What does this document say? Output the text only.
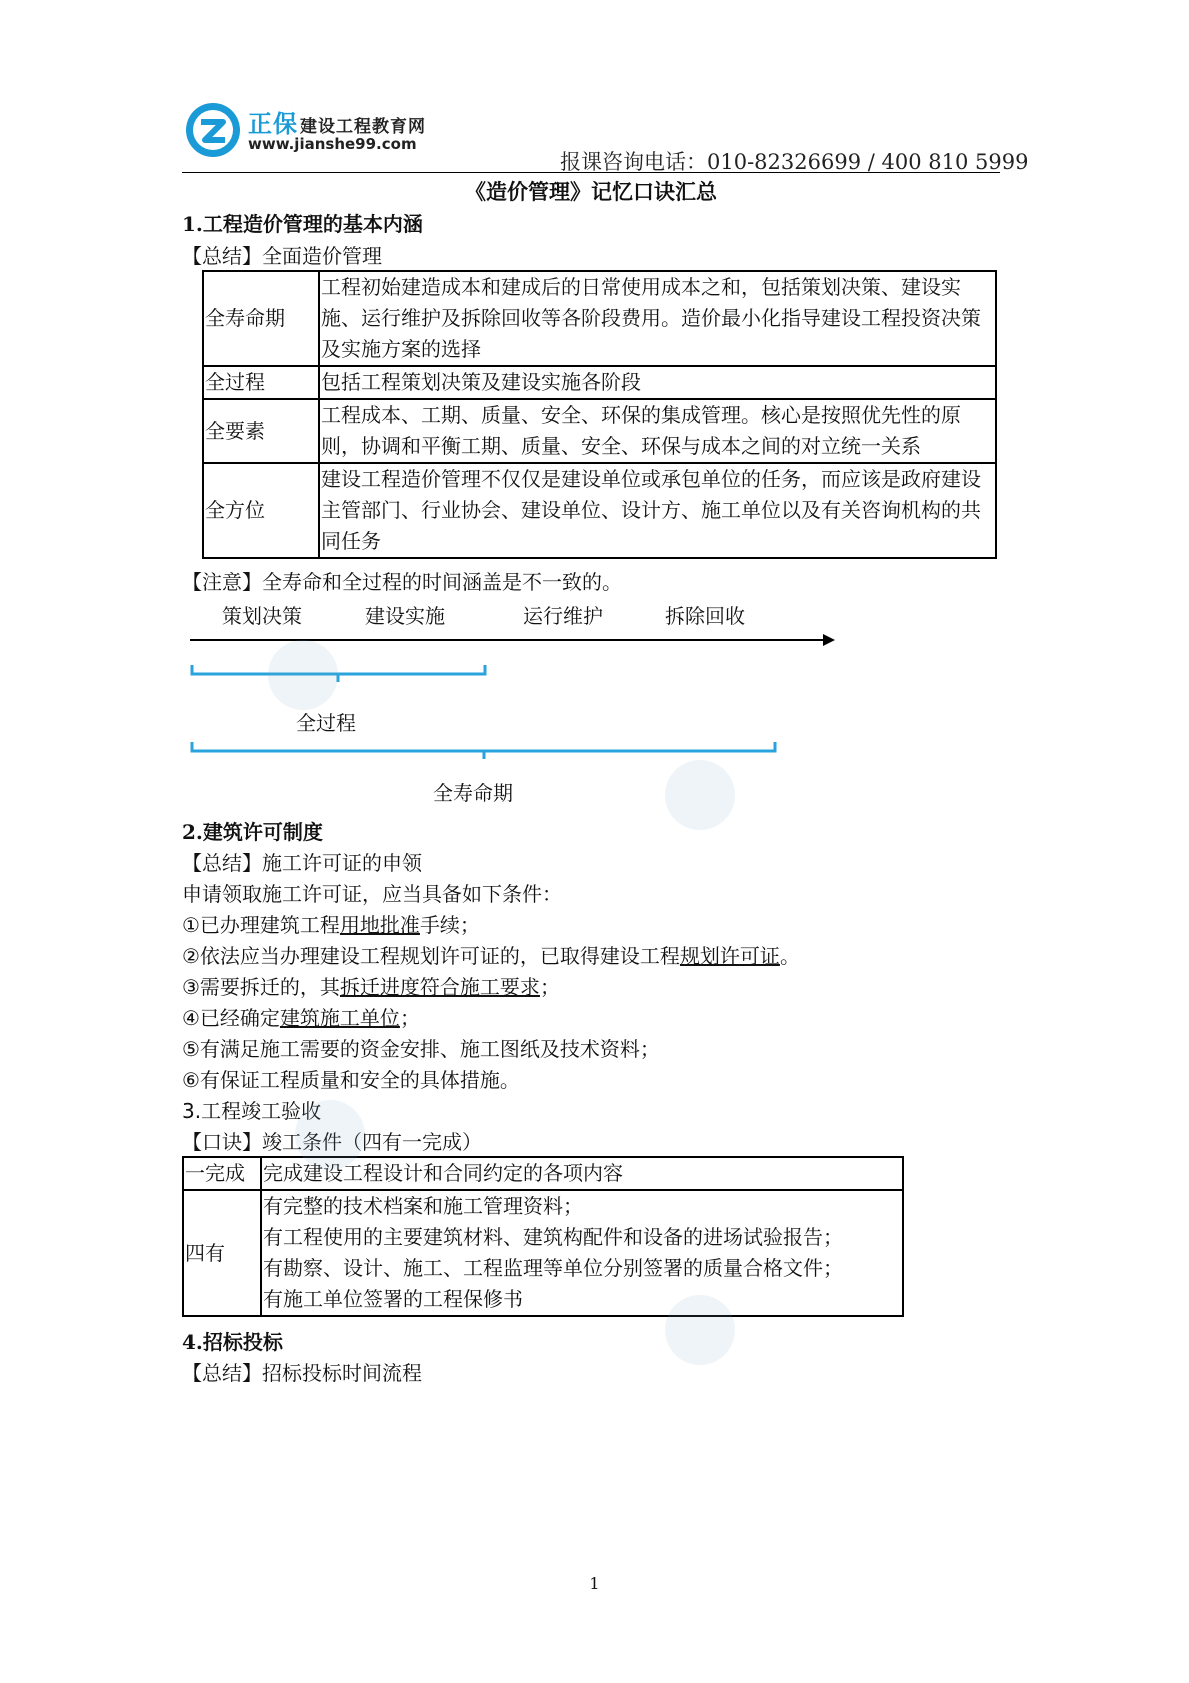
正保 建设工程教育网
www.jianshe99.com
报课咨询电话：010-82326699 / 400 810 5999
《造价管理》记忆口诀汇总
1.工程造价管理的基本内涵
【总结】全面造价管理
全寿命期	工程初始建造成本和建成后的日常使用成本之和，包括策划决策、建设实施、运行维护及拆除回收等各阶段费用。造价最小化指导建设工程投资决策及实施方案的选择
全过程	包括工程策划决策及建设实施各阶段
全要素	工程成本、工期、质量、安全、环保的集成管理。核心是按照优先性的原则，协调和平衡工期、质量、安全、环保与成本之间的对立统一关系
全方位	建设工程造价管理不仅仅是建设单位或承包单位的任务，而应该是政府建设主管部门、行业协会、建设单位、设计方、施工单位以及有关咨询机构的共同任务
【注意】全寿命和全过程的时间涵盖是不一致的。
策划决策	建设实施	运行维护	拆除回收
全过程
全寿命期
2.建筑许可制度
【总结】施工许可证的申领
申请领取施工许可证，应当具备如下条件：
①已办理建筑工程用地批准手续；
②依法应当办理建设工程规划许可证的，已取得建设工程规划许可证。
③需要拆迁的，其拆迁进度符合施工要求；
④已经确定建筑施工单位；
⑤有满足施工需要的资金安排、施工图纸及技术资料；
⑥有保证工程质量和安全的具体措施。
3.工程竣工验收
【口诀】竣工条件（四有一完成）
一完成	完成建设工程设计和合同约定的各项内容
四有	有完整的技术档案和施工管理资料；
有工程使用的主要建筑材料、建筑构配件和设备的进场试验报告；
有勘察、设计、施工、工程监理等单位分别签署的质量合格文件；
有施工单位签署的工程保修书
4.招标投标
【总结】招标投标时间流程
1
